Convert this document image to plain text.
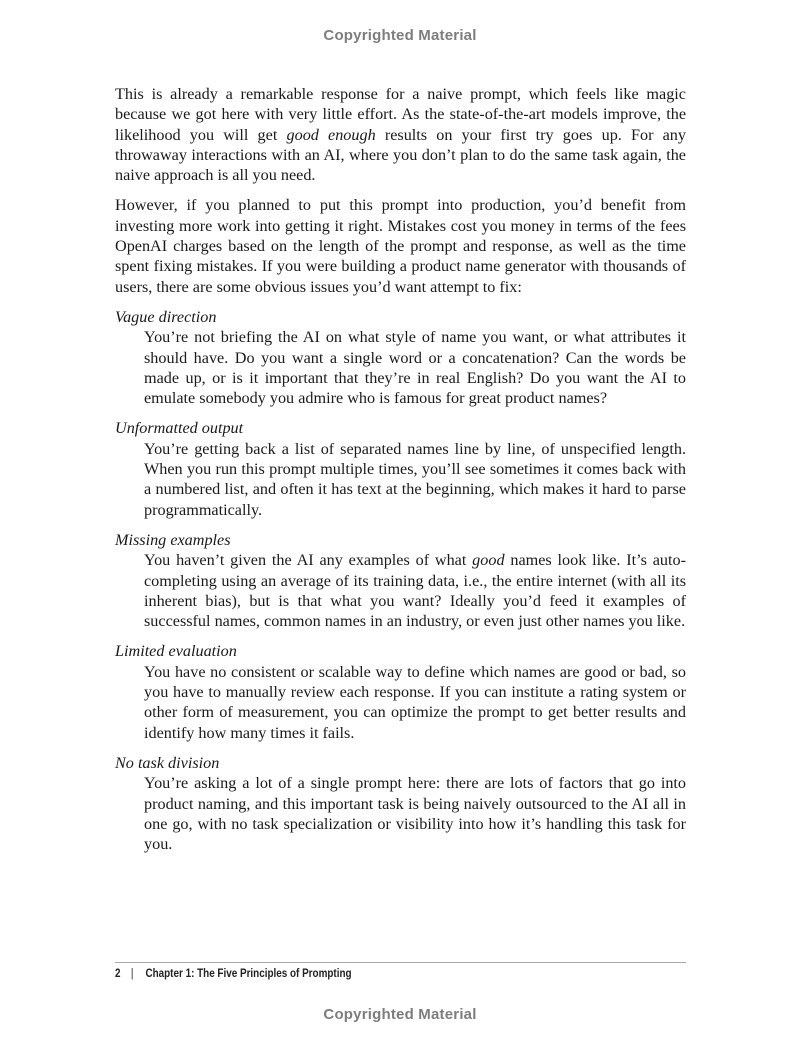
Copyrighted Material

This is already a remarkable response for a naive prompt, which feels like magic because we got here with very little effort. As the state-of-the-art models improve, the likelihood you will get good enough results on your first try goes up. For any throwaway interactions with an AI, where you don’t plan to do the same task again, the naive approach is all you need.

However, if you planned to put this prompt into production, you’d benefit from investing more work into getting it right. Mistakes cost you money in terms of the fees OpenAI charges based on the length of the prompt and response, as well as the time spent fixing mistakes. If you were building a product name generator with thousands of users, there are some obvious issues you’d want attempt to fix:

Vague direction

You’re not briefing the AI on what style of name you want, or what attributes it should have. Do you want a single word or a concatenation? Can the words be made up, or is it important that they’re in real English? Do you want the AI to emulate somebody you admire who is famous for great product names?

Unformatted output

You’re getting back a list of separated names line by line, of unspecified length. When you run this prompt multiple times, you’ll see sometimes it comes back with a numbered list, and often it has text at the beginning, which makes it hard to parse programmatically.

Missing examples

You haven’t given the AI any examples of what good names look like. It’s auto-completing using an average of its training data, i.e., the entire internet (with all its inherent bias), but is that what you want? Ideally you’d feed it examples of successful names, common names in an industry, or even just other names you like.

Limited evaluation

You have no consistent or scalable way to define which names are good or bad, so you have to manually review each response. If you can institute a rating system or other form of measurement, you can optimize the prompt to get better results and identify how many times it fails.

No task division

You’re asking a lot of a single prompt here: there are lots of factors that go into product naming, and this important task is being naively outsourced to the AI all in one go, with no task specialization or visibility into how it’s handling this task for you.

2 | Chapter 1: The Five Principles of Prompting
Copyrighted Material
